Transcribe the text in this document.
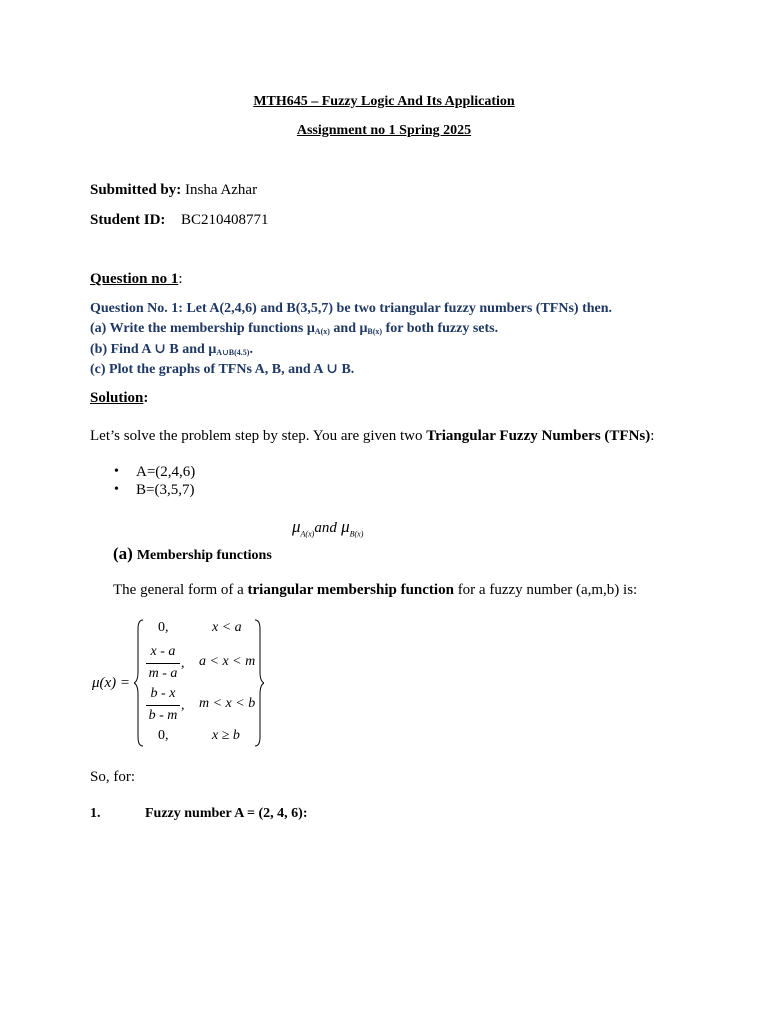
MTH645 – Fuzzy Logic And Its Application
Assignment no 1 Spring 2025
Submitted by: Insha Azhar
Student ID: BC210408771
Question no 1:
Question No. 1: Let A(2,4,6) and B(3,5,7) be two triangular fuzzy numbers (TFNs) then.
(a) Write the membership functions $\mu_{A(x)}$ and $\mu_{B(x)}$ for both fuzzy sets.
(b) Find A ∪ B and $\mu_{A\cup B(4.5)}$.
(c) Plot the graphs of TFNs A, B, and A ∪ B.
Solution:
Let’s solve the problem step by step. You are given two Triangular Fuzzy Numbers (TFNs):
• A=(2,4,6)
• B=(3,5,7)
$\mu_{A(x)}and$ $\mu_{B(x)}$
(a) Membership functions
The general form of a triangular membership function for a fuzzy number (a,m,b) is:
μ(x) =
0,	x < a
x - a
m - a
, a < x < m
b - x
b - m
, m < x < b
0,	x ≥ b
So, for:
1.	Fuzzy number A = (2, 4, 6):
